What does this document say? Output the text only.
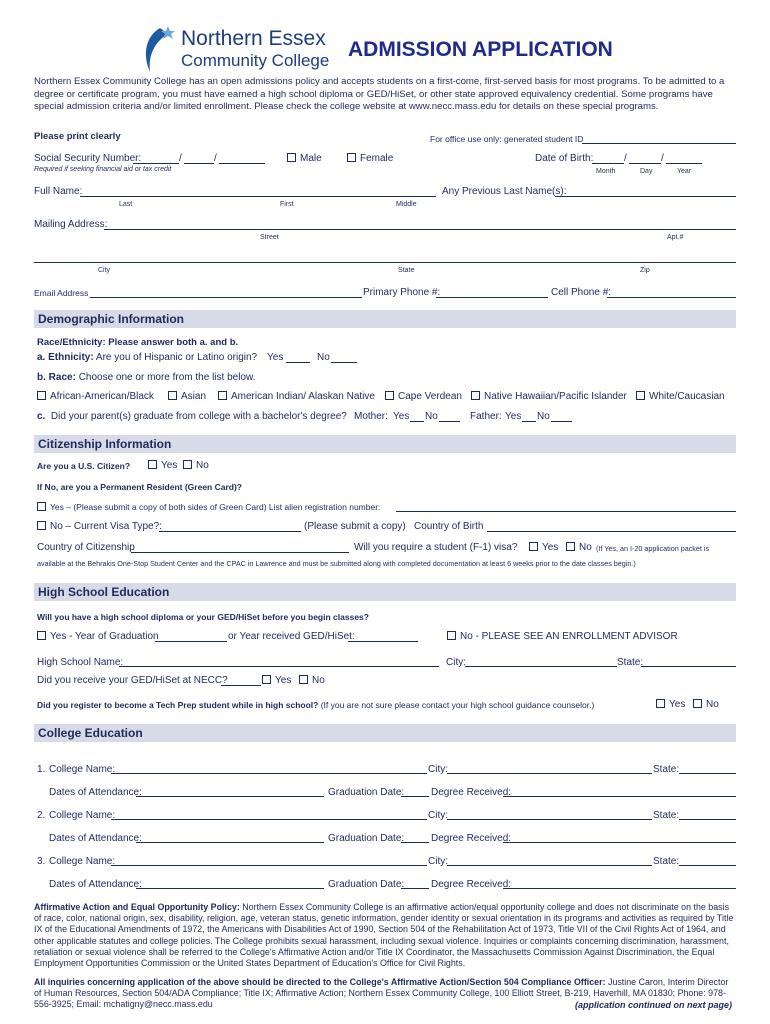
Northern Essex
Community College ADMISSION APPLICATION
Northern Essex Community College has an open admissions policy and accepts students on a first-come, first-served basis for most programs. To be admitted to a degree or certificate program, you must have earned a high school diploma or GED/HiSet, or other state approved equivalency credential. Some programs have special admission criteria and/or limited enrollment. Please check the college website at www.necc.mass.edu for details on these special programs.
Please print clearly	For office use only: generated student ID
Social Security Number:	/	/
Required if seeking financial aid or tax credit
Male	Female	Date of Birth:	/	/
Month	Day	Year
Full Name:
Last	First	Middle
Any Previous Last Name(s):
Mailing Address:
Street	Apt.#
City	State	Zip
Email Address	Primary Phone #:	Cell Phone #:
Demographic Information
Race/Ethnicity: Please answer both a. and b.
a. Ethnicity: Are you of Hispanic or Latino origin? Yes	No
b. Race: Choose one or more from the list below.
African-American/Black	Asian	American Indian/ Alaskan Native	Cape Verdean	Native Hawaiian/Pacific Islander	White/Caucasian
c. Did your parent(s) graduate from college with a bachelor's degree? Mother: Yes No	Father: Yes No
Citizenship Information
Are you a U.S. Citizen?	Yes	No
If No, are you a Permanent Resident (Green Card)?
Yes – (Please submit a copy of both sides of Green Card) List alien registration number:
No – Current Visa Type?:	(Please submit a copy) Country of Birth
Country of Citizenship	Will you require a student (F-1) visa?	Yes	No (If Yes, an I-20 application packet is
available at the Behrakis One-Stop Student Center and the CPAC in Lawrence and must be submitted along with completed documentation at least 6 weeks prior to the date classes begin.)
High School Education
Will you have a high school diploma or your GED/HiSet before you begin classes?
Yes - Year of Graduation	or Year received GED/HiSet:	No - PLEASE SEE AN ENROLLMENT ADVISOR
High School Name:	City:	State:
Did you receive your GED/HiSet at NECC?	Yes	No
Did you register to become a Tech Prep student while in high school? (If you are not sure please contact your high school guidance counselor.)	Yes	No
College Education
1. College Name:	City:	State:
Dates of Attendance:	Graduation Date:	Degree Received:
2. College Name:	City:	State:
Dates of Attendance:	Graduation Date:	Degree Received:
3. College Name:	City:	State:
Dates of Attendance:	Graduation Date:	Degree Received:
Affirmative Action and Equal Opportunity Policy: Northern Essex Community College is an affirmative action/equal opportunity college and does not discriminate on the basis of race, color, national origin, sex, disability, religion, age, veteran status, genetic information, gender identity or sexual orientation in its programs and activities as required by Title IX of the Educational Amendments of 1972, the Americans with Disabilities Act of 1990, Section 504 of the Rehabilitation Act of 1973, Title VII of the Civil Rights Act of 1964, and other applicable statutes and college policies. The College prohibits sexual harassment, including sexual violence. Inquiries or complaints concerning discrimination, harassment, retaliation or sexual violence shall be referred to the College's Affirmative Action and/or Title IX Coordinator, the Massachusetts Commission Against Discrimination, the Equal Employment Opportunities Commission or the United States Department of Education's Office for Civil Rights.
All inquiries concerning application of the above should be directed to the College's Affirmative Action/Section 504 Compliance Officer: Justine Caron, Interim Director of Human Resources, Section 504/ADA Compliance; Title IX; Affirmative Action; Northern Essex Community College, 100 Elliott Street, B-219, Haverhill, MA 01830; Phone: 978-556-3925; Email: mchatigny@necc.mass.edu	(application continued on next page)
